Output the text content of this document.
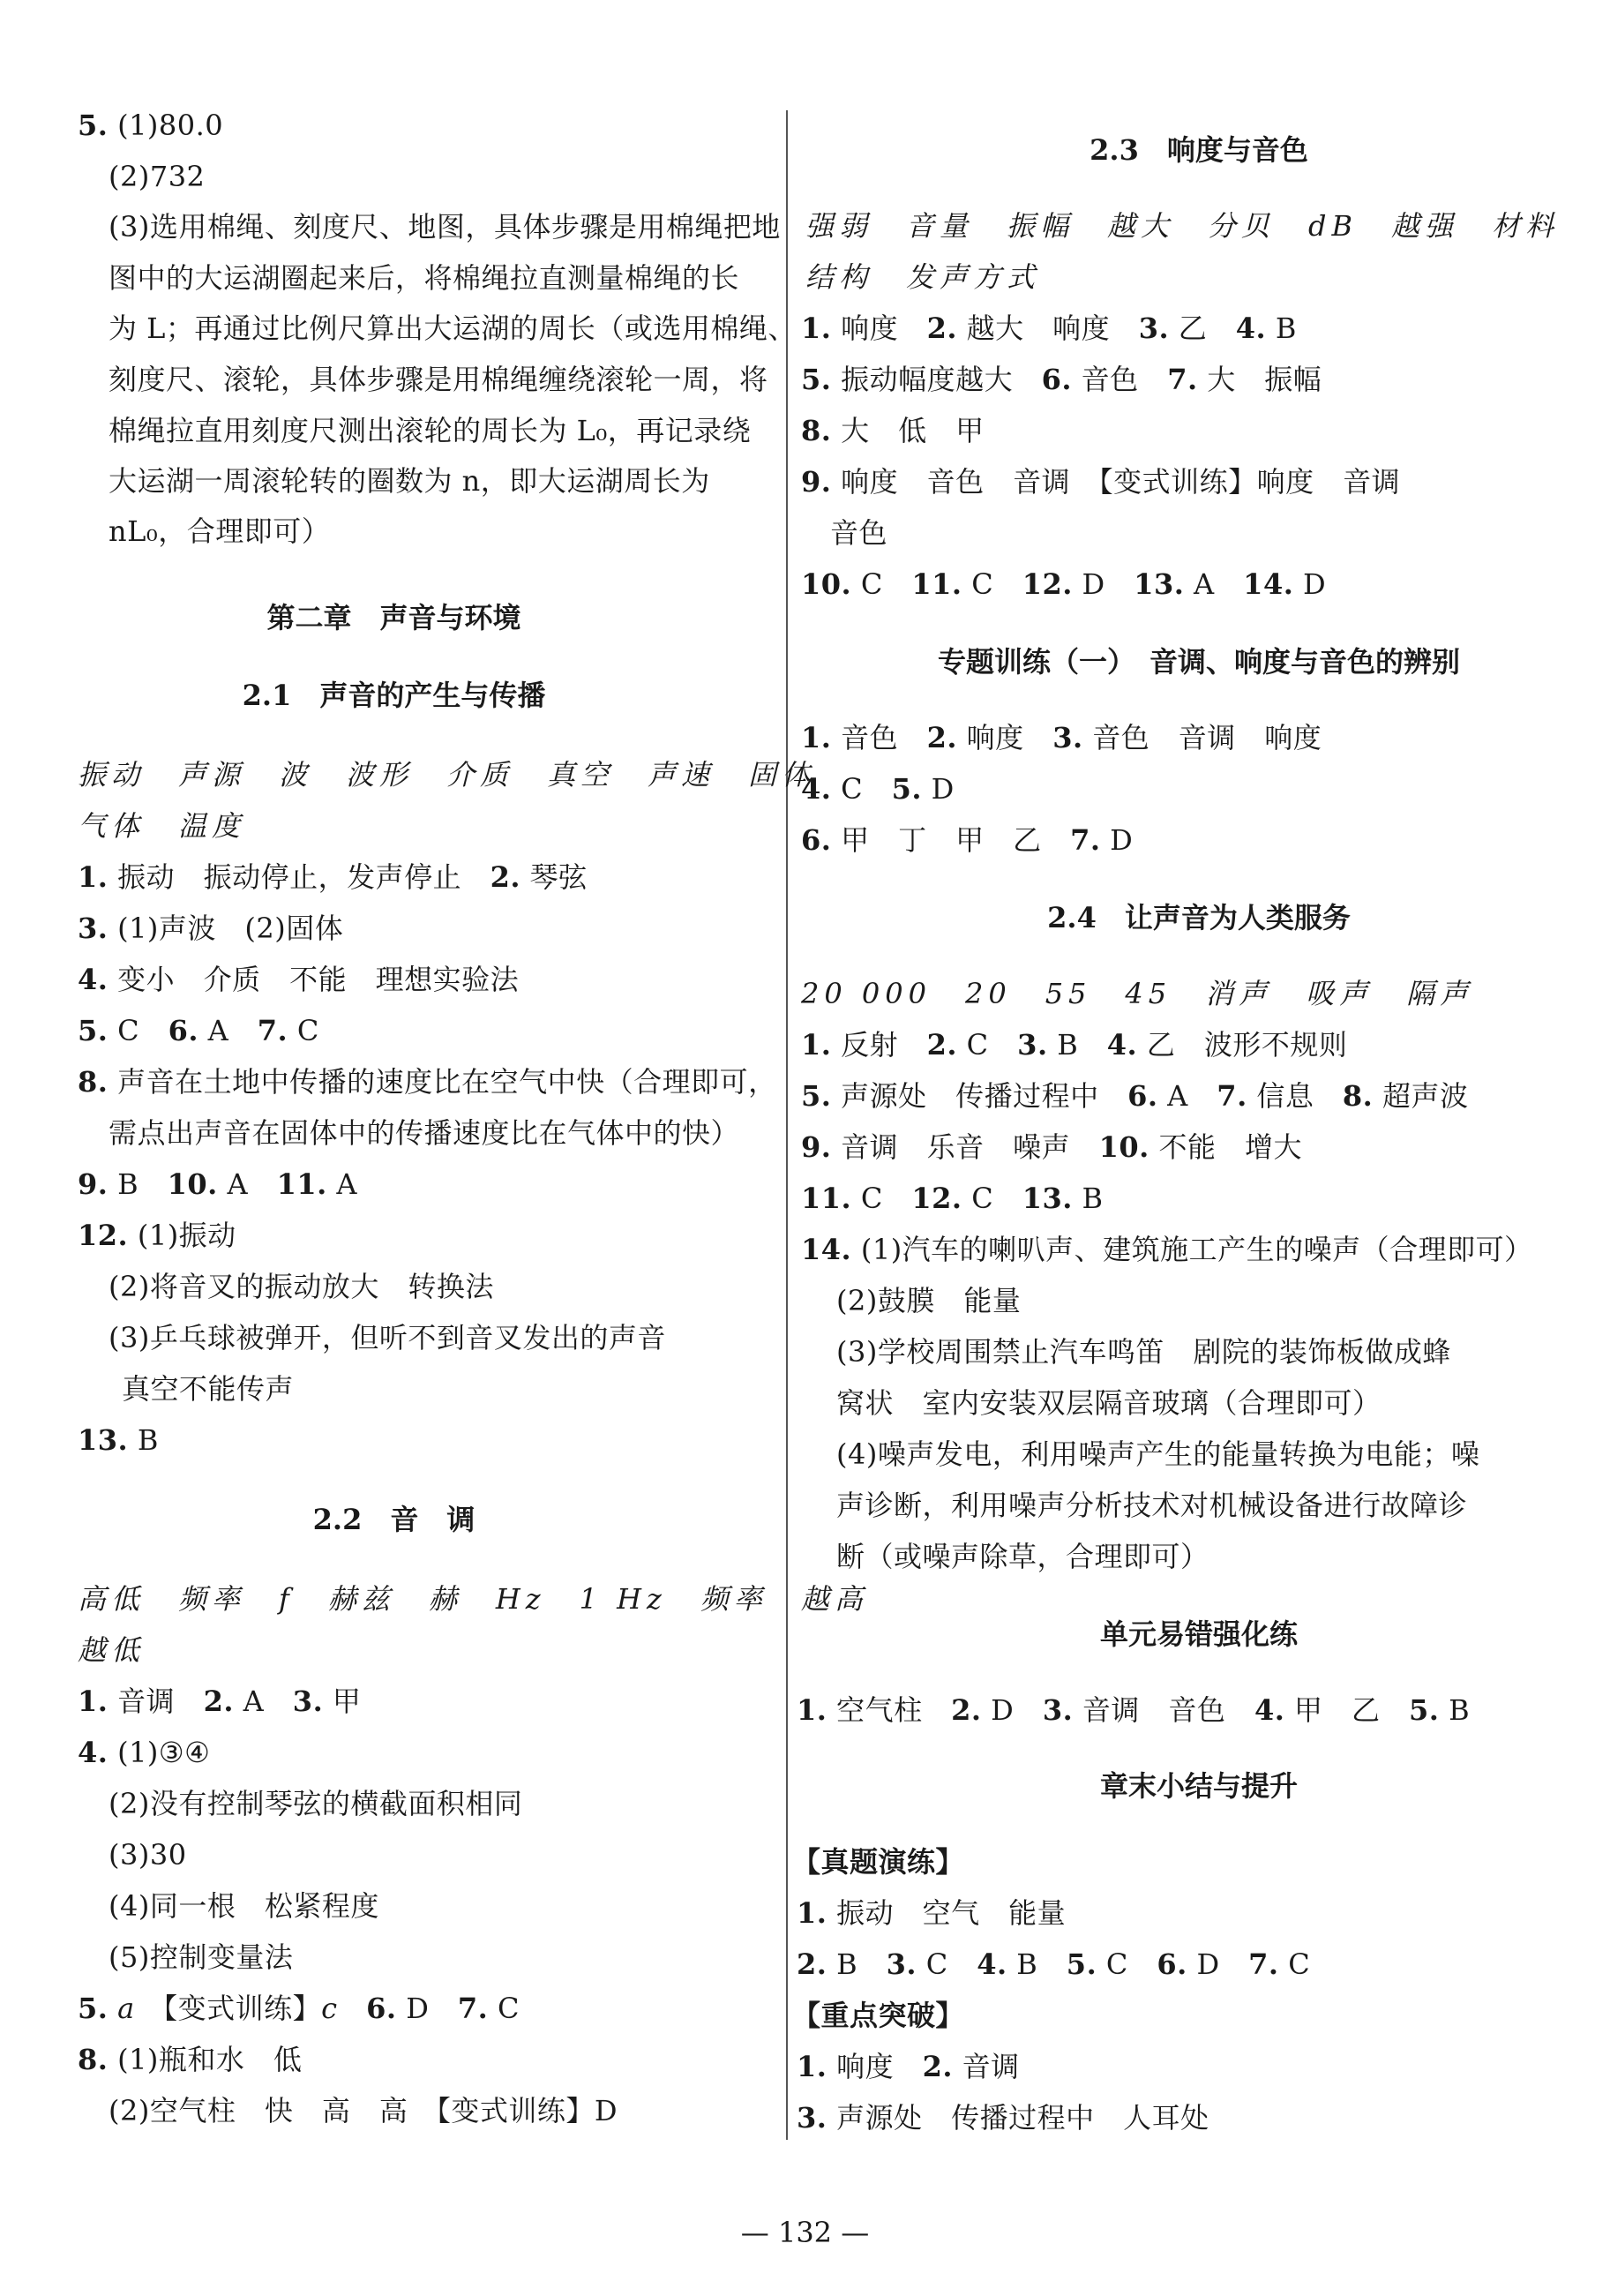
5. (1)80.0
(2)732
(3)选用棉绳、刻度尺、地图，具体步骤是用棉绳把地
图中的大运湖圈起来后，将棉绳拉直测量棉绳的长
为 L；再通过比例尺算出大运湖的周长（或选用棉绳、
刻度尺、滚轮，具体步骤是用棉绳缠绕滚轮一周，将
棉绳拉直用刻度尺测出滚轮的周长为 L₀，再记录绕
大运湖一周滚轮转的圈数为 n，即大运湖周长为
nL₀，合理即可）
第二章　声音与环境
2.1　声音的产生与传播
振动　声源　波　波形　介质　真空　声速　固体
气体　温度
1. 振动　振动停止，发声停止　2. 琴弦
3. (1)声波　(2)固体
4. 变小　介质　不能　理想实验法
5. C　6. A　7. C
8. 声音在土地中传播的速度比在空气中快（合理即可，
需点出声音在固体中的传播速度比在气体中的快）
9. B　10. A　11. A
12. (1)振动
(2)将音叉的振动放大　转换法
(3)乒乓球被弹开，但听不到音叉发出的声音
真空不能传声
13. B
2.2　音　调
高低　频率　f　赫兹　赫　Hz　1 Hz　频率　越高
越低
1. 音调　2. A　3. 甲
4. (1)③④
(2)没有控制琴弦的横截面积相同
(3)30
(4)同一根　松紧程度
(5)控制变量法
5. a　【变式训练】c　 6. D　7. C
8. (1)瓶和水　低
(2)空气柱　快　高　高　【变式训练】D
2.3　响度与音色
强弱　音量　振幅　越大　分贝　dB　越强　材料
结构　发声方式
1. 响度　2. 越大　响度　3. 乙　4. B
5. 振动幅度越大　6. 音色　7. 大　振幅
8. 大　低　甲
9. 响度　音色　音调　【变式训练】响度　音调
音色
10. C　11. C　12. D　13. A　14. D
专题训练（一）　音调、响度与音色的辨别
1. 音色　2. 响度　3. 音色　音调　响度
4. C　5. D
6. 甲　丁　甲　乙　7. D
2.4　让声音为人类服务
20 000　20　55　45　消声　吸声　隔声
1. 反射　2. C　3. B　4. 乙　波形不规则
5. 声源处　传播过程中　6. A　7. 信息　8. 超声波
9. 音调　乐音　噪声　10. 不能　增大
11. C　12. C　13. B
14. (1)汽车的喇叭声、建筑施工产生的噪声（合理即可）
(2)鼓膜　能量
(3)学校周围禁止汽车鸣笛　剧院的装饰板做成蜂
窝状　室内安装双层隔音玻璃（合理即可）
(4)噪声发电，利用噪声产生的能量转换为电能；噪
声诊断，利用噪声分析技术对机械设备进行故障诊
断（或噪声除草，合理即可）
单元易错强化练
1. 空气柱　2. D　3. 音调　音色　4. 甲　乙　5. B
章末小结与提升
【真题演练】
1. 振动　空气　能量
2. B　3. C　4. B　5. C　6. D　7. C
【重点突破】
1. 响度　2. 音调
3. 声源处　传播过程中　人耳处
— 132 —
